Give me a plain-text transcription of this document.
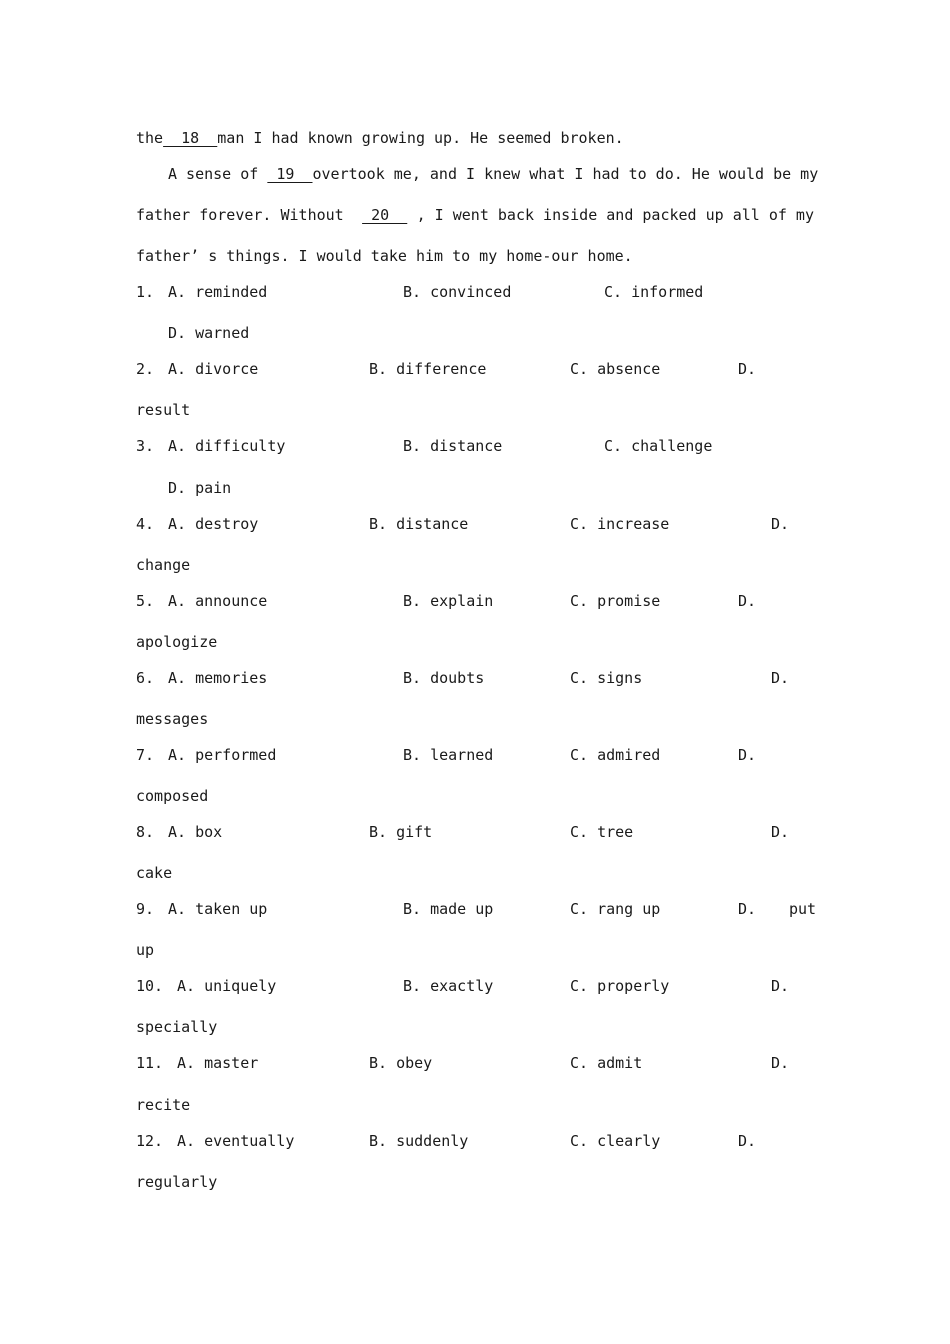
the  18  man I had known growing up. He seemed broken.
A sense of 19 overtook me, and I knew what I had to do. He would be my
father forever. Without 20 , I went back inside and packed up all of my
father’ s things. I would take him to my home-our home.
1. A. reminded	B. convinced	C. informed
D. warned
2. A. divorce	B. difference	C. absence	D.
result
3. A. difficulty	B. distance	C. challenge
D. pain
4. A. destroy	B. distance	C. increase	D.
change
5. A. announce	B. explain	C. promise	D.
apologize
6. A. memories	B. doubts	C. signs	D.
messages
7. A. performed	B. learned	C. admired	D.
composed
8. A. box	B. gift	C. tree	D.
cake
9. A. taken up	B. made up	C. rang up	D. put
up
10. A. uniquely	B. exactly	C. properly	D.
specially
11. A. master	B. obey	C. admit	D.
recite
12. A. eventually	B. suddenly	C. clearly	D.
regularly
